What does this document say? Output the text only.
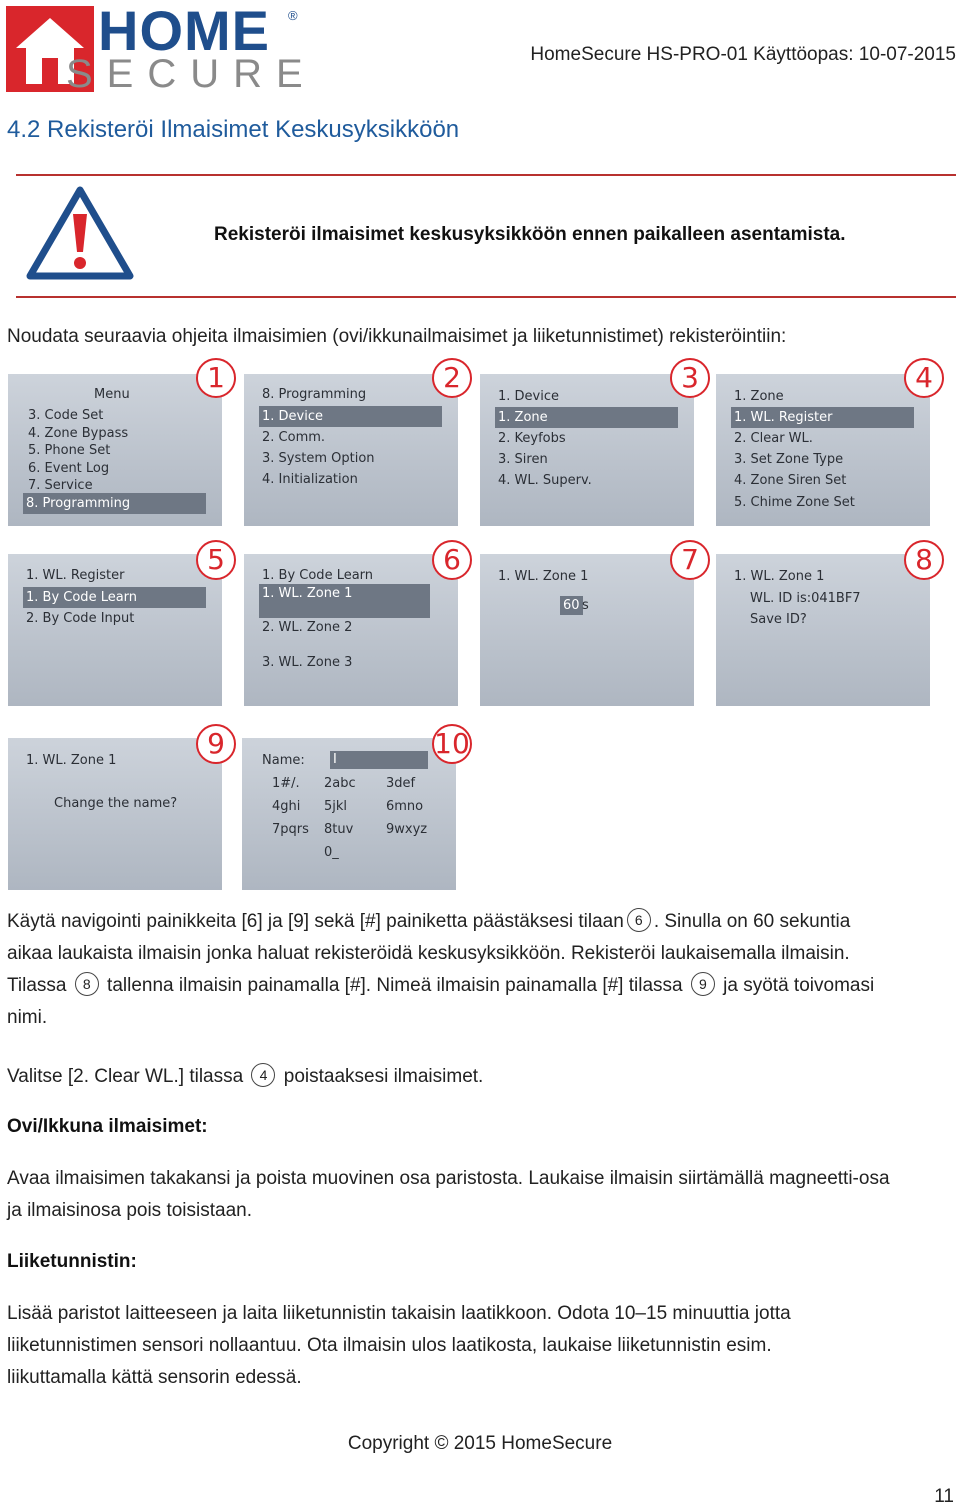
HOME ®
SECURE	HomeSecure HS-PRO-01 Käyttöopas: 10-07-2015
4.2 Rekisteröi Ilmaisimet Keskusyksikköön
Rekisteröi ilmaisimet keskusyksikköön ennen paikalleen asentamista.
Noudata seuraavia ohjeita ilmaisimien (ovi/ikkunailmaisimet ja liiketunnistimet) rekisteröintiin:
Menu
3. Code Set
4. Zone Bypass
5. Phone Set
6. Event Log
7. Service
8. Programming
1
8. Programming
1. Device
2. Comm.
3. System Option
4. Initialization
2
1. Device
1. Zone
2. Keyfobs
3. Siren
4. WL. Superv.
3
1. Zone
1. WL. Register
2. Clear WL.
3. Set Zone Type
4. Zone Siren Set
5. Chime Zone Set
4
1. WL. Register
1. By Code Learn
2. By Code Input
5	1. By Code Learn
1. WL. Zone 1
2. WL. Zone 2
3. WL. Zone 3
6
1. WL. Zone 1
60 s
7
1. WL. Zone 1
WL. ID is:041BF7
Save ID?
8
1. WL. Zone 1
Change the name?
9
Name: I
1#/. 2abc 3def
4ghi 5jkl	6mno
7pqrs 8tuv	9wxyz
0_
10

Käytä navigointi painikkeita [6] ja [9] sekä [#] painiketta päästäksesi tilaan 6 . Sinulla on 60 sekuntia
aikaa laukaista ilmaisin jonka haluat rekisteröidä keskusyksikköön. Rekisteröi laukaisemalla ilmaisin.
Tilassa 8 tallenna ilmaisin painamalla [#]. Nimeä ilmaisin painamalla [#] tilassa 9 ja syötä toivomasi
nimi.

Valitse [2. Clear WL.] tilassa 4 poistaaksesi ilmaisimet.

Ovi/Ikkuna ilmaisimet:

Avaa ilmaisimen takakansi ja poista muovinen osa paristosta. Laukaise ilmaisin siirtämällä magneetti-osa
ja ilmaisinosa pois toisistaan.

Liiketunnistin:

Lisää paristot laitteeseen ja laita liiketunnistin takaisin laatikkoon. Odota 10–15 minuuttia jotta
liiketunnistimen sensori nollaantuu. Ota ilmaisin ulos laatikosta, laukaise liiketunnistin esim.
liikuttamalla kättä sensorin edessä.

Copyright © 2015 HomeSecure
11
